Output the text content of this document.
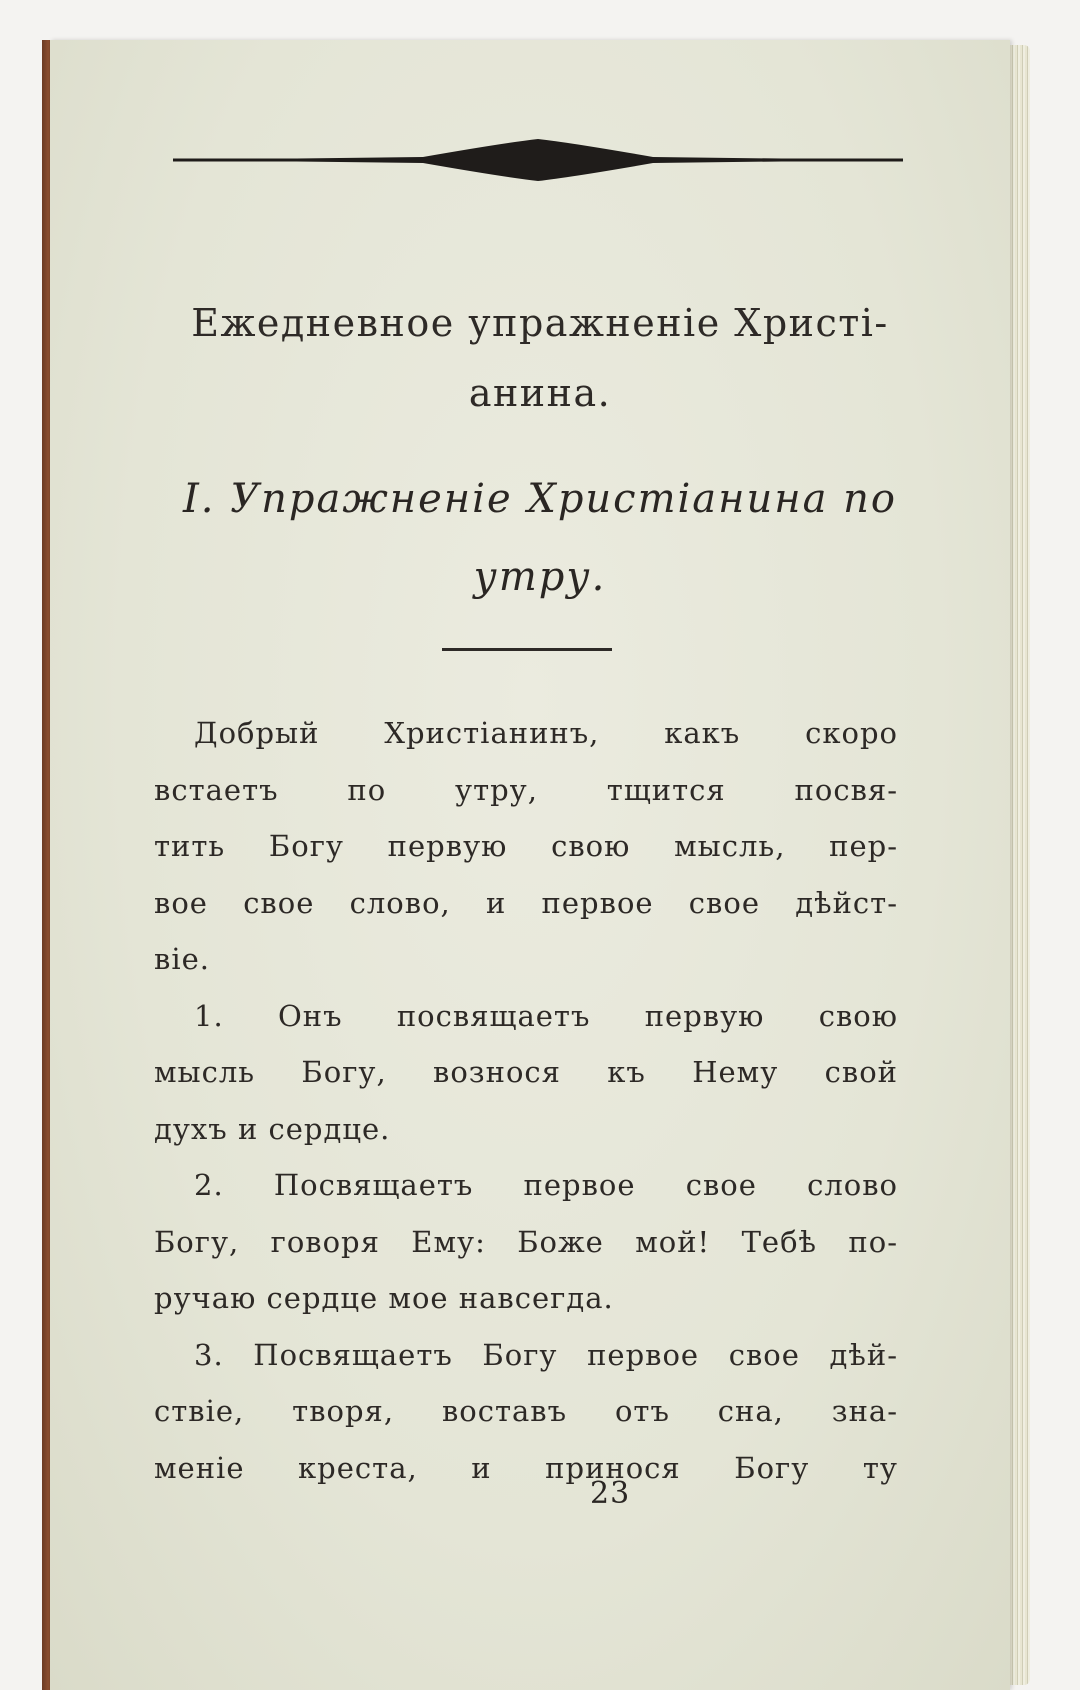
Ежедневное упражненіе Христі-
анина.
I. Упражненіе Христіанина по
утру.
Добрый Христіанинъ, какъ скоро
встаетъ по утру, тщится посвя-
тить Богу первую свою мысль, пер-
вое свое слово, и первое свое дѣйст-
віе.
1. Онъ посвящаетъ первую свою
мысль Богу, вознося къ Нему свой
духъ и сердце.
2. Посвящаетъ первое свое слово
Богу, говоря Ему: Боже мой! Тебѣ по-
ручаю сердце мое навсегда.
3. Посвящаетъ Богу первое свое дѣй-
ствіе, творя, воставъ отъ сна, зна-
меніе креста, и принося Богу ту
23
